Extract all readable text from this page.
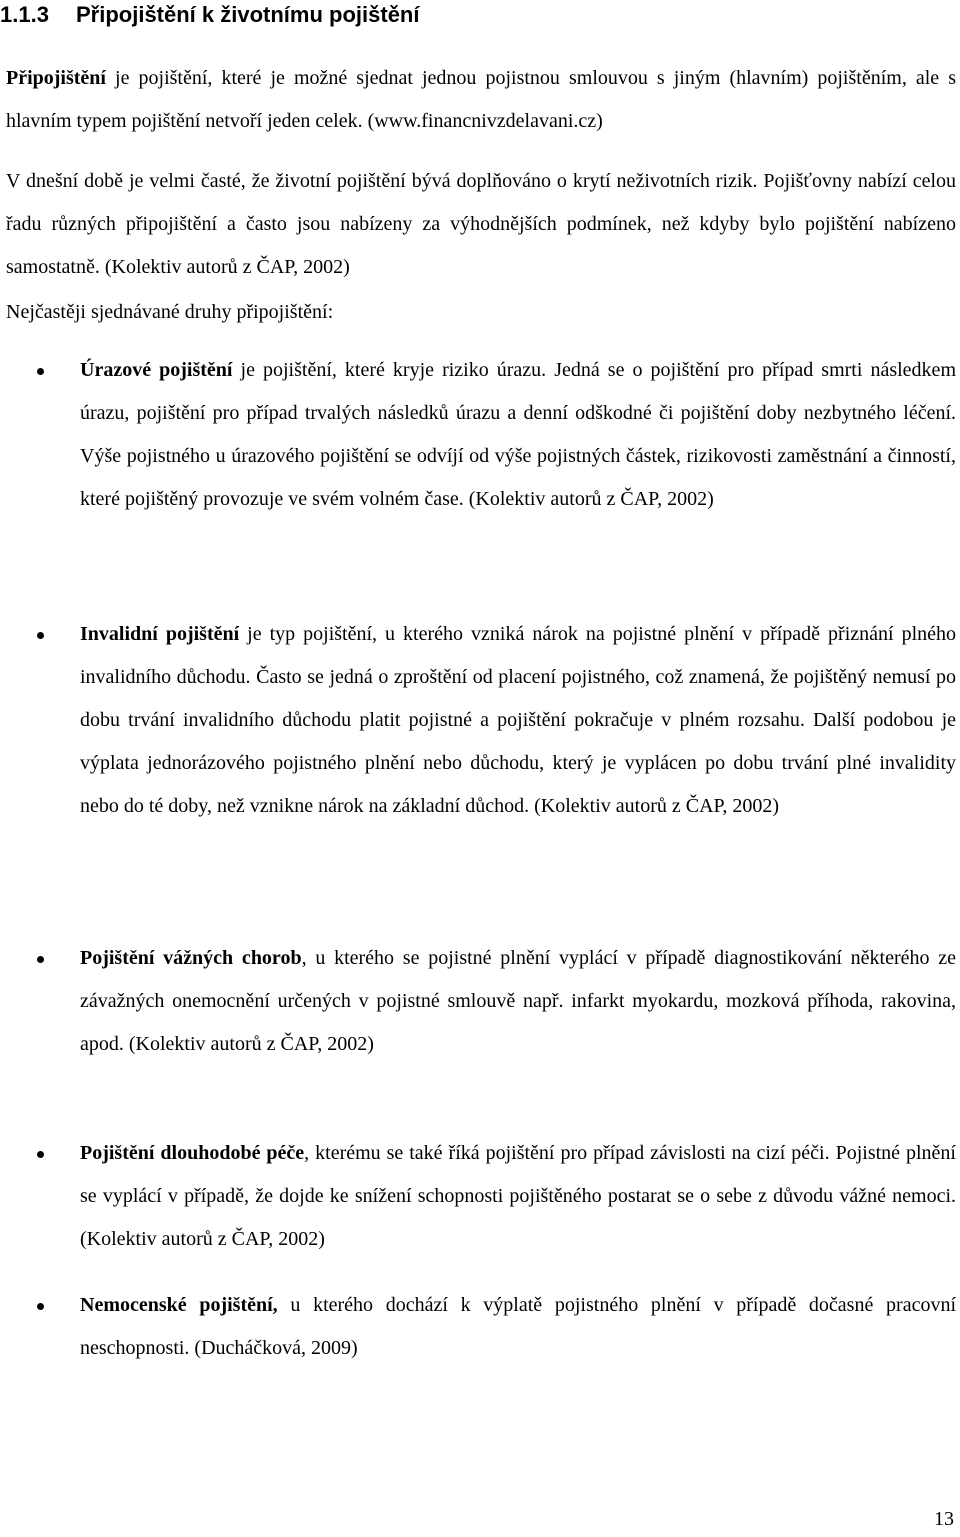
1.1.3 Připojištění k životnímu pojištění

Připojištění je pojištění, které je možné sjednat jednou pojistnou smlouvou s jiným (hlavním) pojištěním, ale s hlavním typem pojištění netvoří jeden celek. (www.financnivzdelavani.cz)

V dnešní době je velmi časté, že životní pojištění bývá doplňováno o krytí neživotních rizik. Pojišťovny nabízí celou řadu různých připojištění a často jsou nabízeny za výhodnějších podmínek, než kdyby bylo pojištění nabízeno samostatně. (Kolektiv autorů z ČAP, 2002)

Nejčastěji sjednávané druhy připojištění:

Úrazové pojištění je pojištění, které kryje riziko úrazu. Jedná se o pojištění pro případ smrti následkem úrazu, pojištění pro případ trvalých následků úrazu a denní odškodné či pojištění doby nezbytného léčení. Výše pojistného u úrazového pojištění se odvíjí od výše pojistných částek, rizikovosti zaměstnání a činností, které pojištěný provozuje ve svém volném čase. (Kolektiv autorů z ČAP, 2002)
Invalidní pojištění je typ pojištění, u kterého vzniká nárok na pojistné plnění v případě přiznání plného invalidního důchodu. Často se jedná o zproštění od placení pojistného, což znamená, že pojištěný nemusí po dobu trvání invalidního důchodu platit pojistné a pojištění pokračuje v plném rozsahu. Další podobou je výplata jednorázového pojistného plnění nebo důchodu, který je vyplácen po dobu trvání plné invalidity nebo do té doby, než vznikne nárok na základní důchod. (Kolektiv autorů z ČAP, 2002)
Pojištění vážných chorob, u kterého se pojistné plnění vyplácí v případě diagnostikování některého ze závažných onemocnění určených v pojistné smlouvě např. infarkt myokardu, mozková příhoda, rakovina, apod. (Kolektiv autorů z ČAP, 2002)
Pojištění dlouhodobé péče, kterému se také říká pojištění pro případ závislosti na cizí péči. Pojistné plnění se vyplácí v případě, že dojde ke snížení schopnosti pojištěného postarat se o sebe z důvodu vážné nemoci. (Kolektiv autorů z ČAP, 2002)
Nemocenské pojištění, u kterého dochází k výplatě pojistného plnění v případě dočasné pracovní neschopnosti. (Ducháčková, 2009)
13
